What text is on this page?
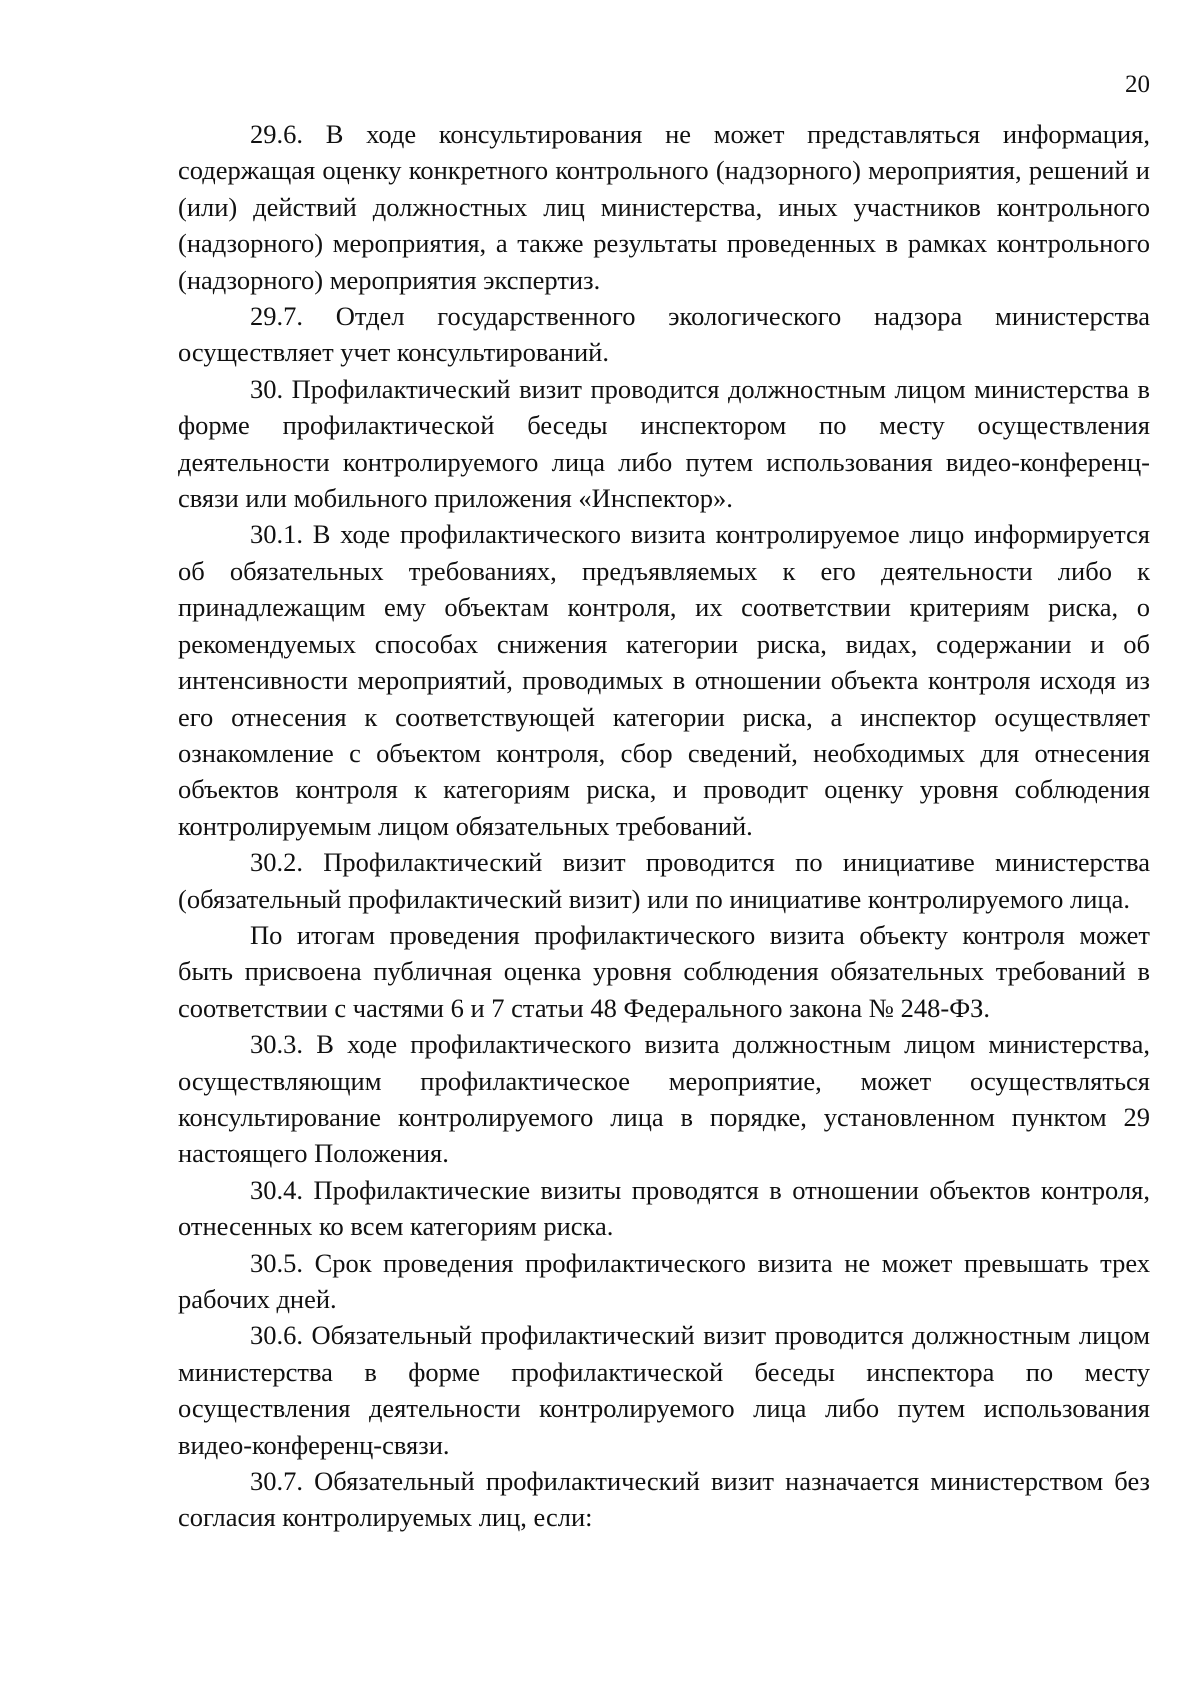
20

29.6. В ходе консультирования не может представляться информация, содержащая оценку конкретного контрольного (надзорного) мероприятия, решений и (или) действий должностных лиц министерства, иных участников контрольного (надзорного) мероприятия, а также результаты проведенных в рамках контрольного (надзорного) мероприятия экспертиз.

29.7. Отдел государственного экологического надзора министерства осуществляет учет консультирований.

30. Профилактический визит проводится должностным лицом министерства в форме профилактической беседы инспектором по месту осуществления деятельности контролируемого лица либо путем использования видео-конференц-связи или мобильного приложения «Инспектор».

30.1. В ходе профилактического визита контролируемое лицо информируется об обязательных требованиях, предъявляемых к его деятельности либо к принадлежащим ему объектам контроля, их соответствии критериям риска, о рекомендуемых способах снижения категории риска, видах, содержании и об интенсивности мероприятий, проводимых в отношении объекта контроля исходя из его отнесения к соответствующей категории риска, а инспектор осуществляет ознакомление с объектом контроля, сбор сведений, необходимых для отнесения объектов контроля к категориям риска, и проводит оценку уровня соблюдения контролируемым лицом обязательных требований.

30.2. Профилактический визит проводится по инициативе министерства (обязательный профилактический визит) или по инициативе контролируемого лица.

По итогам проведения профилактического визита объекту контроля может быть присвоена публичная оценка уровня соблюдения обязательных требований в соответствии с частями 6 и 7 статьи 48 Федерального закона № 248-ФЗ.

30.3. В ходе профилактического визита должностным лицом министерства, осуществляющим профилактическое мероприятие, может осуществляться консультирование контролируемого лица в порядке, установленном пунктом 29 настоящего Положения.

30.4. Профилактические визиты проводятся в отношении объектов контроля, отнесенных ко всем категориям риска.

30.5. Срок проведения профилактического визита не может превышать трех рабочих дней.

30.6. Обязательный профилактический визит проводится должностным лицом министерства в форме профилактической беседы инспектора по месту осуществления деятельности контролируемого лица либо путем использования видео-конференц-связи.

30.7. Обязательный профилактический визит назначается министерством без согласия контролируемых лиц, если:
